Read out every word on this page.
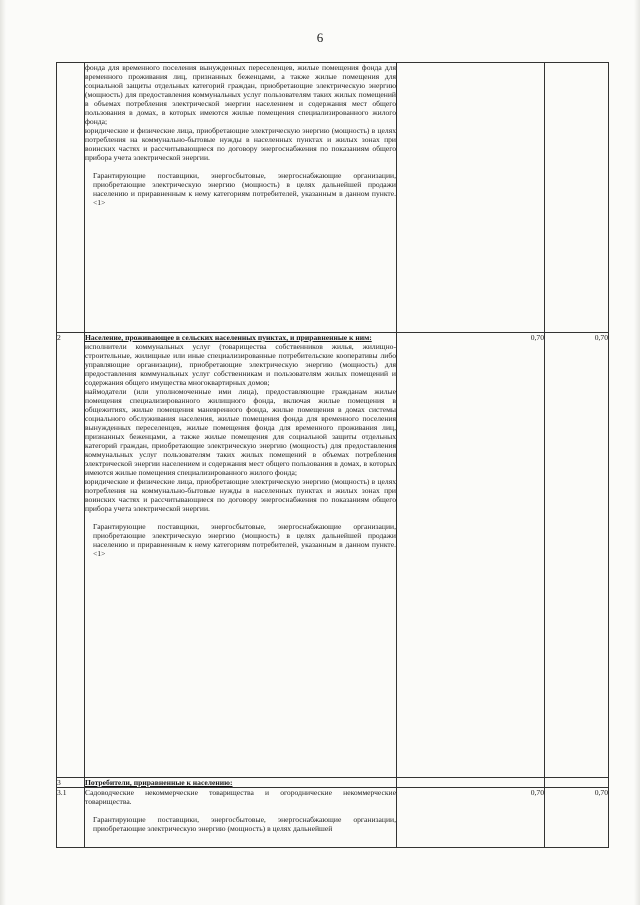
6

	фонда для временного поселения вынужденных переселенцев, жилые помещения фонда для временного проживания лиц, признанных беженцами, а также жилые помещения для социальной защиты отдельных категорий граждан, приобретающие электрическую энергию (мощность) для предоставления коммунальных услуг пользователям таких жилых помещений в объемах потребления электрической энергии населением и содержания мест общего пользования в домах, в которых имеются жилые помещения специализированного жилого фонда;

юридические и физические лица, приобретающие электрическую энергию (мощность) в целях потребления на коммунально-бытовые нужды в населенных пунктах и жилых зонах при воинских частях и рассчитывающиеся по договору энергоснабжения по показаниям общего прибора учета электрической энергии.

Гарантирующие поставщики, энергосбытовые, энергоснабжающие организации, приобретающие электрическую энергию (мощность) в целях дальнейшей продажи населению и приравненным к нему категориям потребителей, указанным в данном пункте. <1>		

2	Население, проживающее в сельских населенных пунктах, и приравненные к ним:

исполнители коммунальных услуг (товарищества собственников жилья, жилищно-строительные, жилищные или иные специализированные потребительские кооперативы либо управляющие организации), приобретающие электрическую энергию (мощность) для предоставления коммунальных услуг собственникам и пользователям жилых помещений и содержания общего имущества многоквартирных домов;

наймодатели (или уполномоченные ими лица), предоставляющие гражданам жилые помещения специализированного жилищного фонда, включая жилые помещения в общежитиях, жилые помещения маневренного фонда, жилые помещения в домах системы социального обслуживания населения, жилые помещения фонда для временного поселения вынужденных переселенцев, жилые помещения фонда для временного проживания лиц, признанных беженцами, а также жилые помещения для социальной защиты отдельных категорий граждан, приобретающие электрическую энергию (мощность) для предоставления коммунальных услуг пользователям таких жилых помещений в объемах потребления электрической энергии населением и содержания мест общего пользования в домах, в которых имеются жилые помещения специализированного жилого фонда;

юридические и физические лица, приобретающие электрическую энергию (мощность) в целях потребления на коммунально-бытовые нужды в населенных пунктах и жилых зонах при воинских частях и рассчитывающиеся по договору энергоснабжения по показаниям общего прибора учета электрической энергии.

Гарантирующие поставщики, энергосбытовые, энергоснабжающие организации, приобретающие электрическую энергию (мощность) в целях дальнейшей продажи населению и приравненным к нему категориям потребителей, указанным в данном пункте. <1>	0,70	0,70
3	Потребители, приравненные к населению:		

3.1	Садоводческие некоммерческие товарищества и огороднические некоммерческие товарищества.

Гарантирующие поставщики, энергосбытовые, энергоснабжающие организации, приобретающие электрическую энергию (мощность) в целях дальнейшей	0,70	0,70
